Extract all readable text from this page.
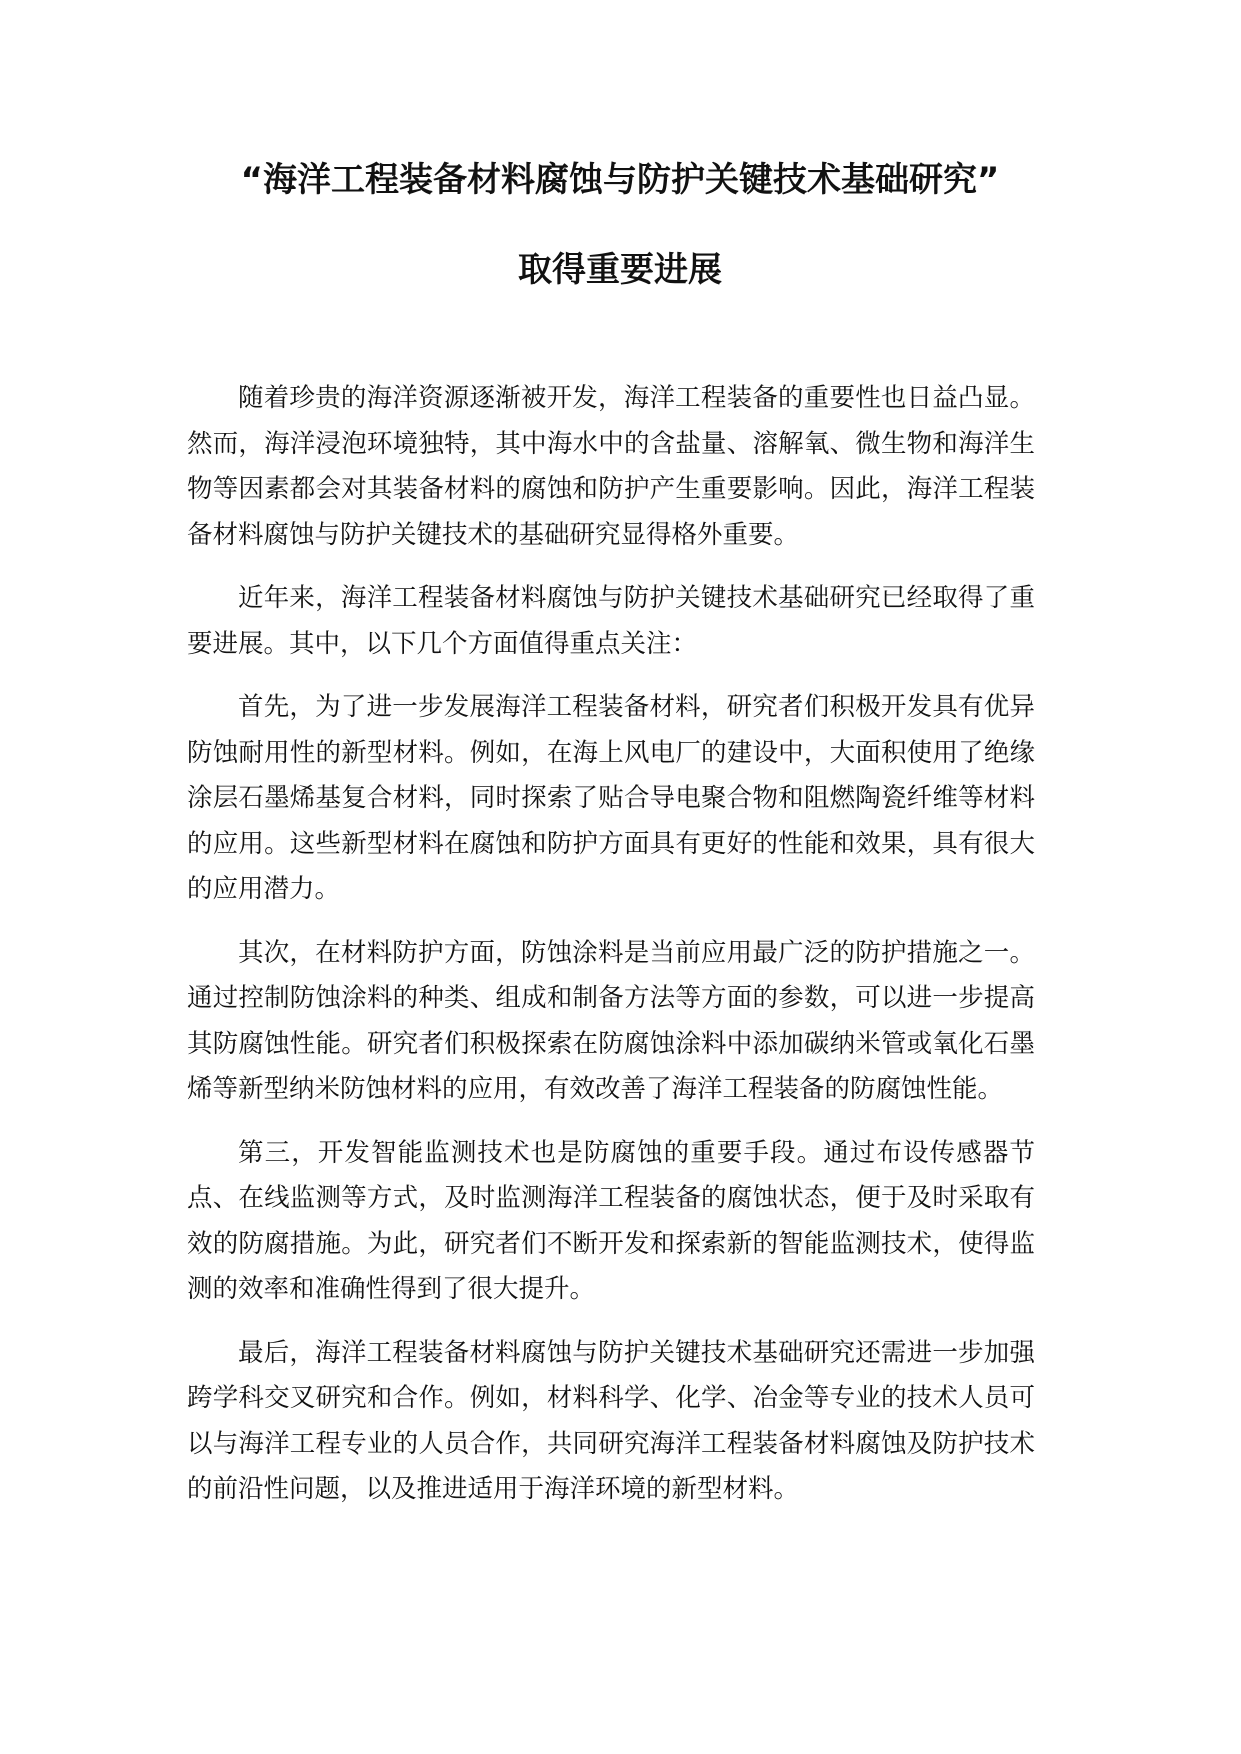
“海洋工程装备材料腐蚀与防护关键技术基础研究”
取得重要进展

随着珍贵的海洋资源逐渐被开发，海洋工程装备的重要性也日益凸显。然而，海洋浸泡环境独特，其中海水中的含盐量、溶解氧、微生物和海洋生物等因素都会对其装备材料的腐蚀和防护产生重要影响。因此，海洋工程装备材料腐蚀与防护关键技术的基础研究显得格外重要。

近年来，海洋工程装备材料腐蚀与防护关键技术基础研究已经取得了重要进展。其中，以下几个方面值得重点关注：

首先，为了进一步发展海洋工程装备材料，研究者们积极开发具有优异防蚀耐用性的新型材料。例如，在海上风电厂的建设中，大面积使用了绝缘涂层石墨烯基复合材料，同时探索了贴合导电聚合物和阻燃陶瓷纤维等材料的应用。这些新型材料在腐蚀和防护方面具有更好的性能和效果，具有很大的应用潜力。

其次，在材料防护方面，防蚀涂料是当前应用最广泛的防护措施之一。通过控制防蚀涂料的种类、组成和制备方法等方面的参数，可以进一步提高其防腐蚀性能。研究者们积极探索在防腐蚀涂料中添加碳纳米管或氧化石墨烯等新型纳米防蚀材料的应用，有效改善了海洋工程装备的防腐蚀性能。

第三，开发智能监测技术也是防腐蚀的重要手段。通过布设传感器节点、在线监测等方式，及时监测海洋工程装备的腐蚀状态，便于及时采取有效的防腐措施。为此，研究者们不断开发和探索新的智能监测技术，使得监测的效率和准确性得到了很大提升。

最后，海洋工程装备材料腐蚀与防护关键技术基础研究还需进一步加强跨学科交叉研究和合作。例如，材料科学、化学、冶金等专业的技术人员可以与海洋工程专业的人员合作，共同研究海洋工程装备材料腐蚀及防护技术的前沿性问题，以及推进适用于海洋环境的新型材料。
